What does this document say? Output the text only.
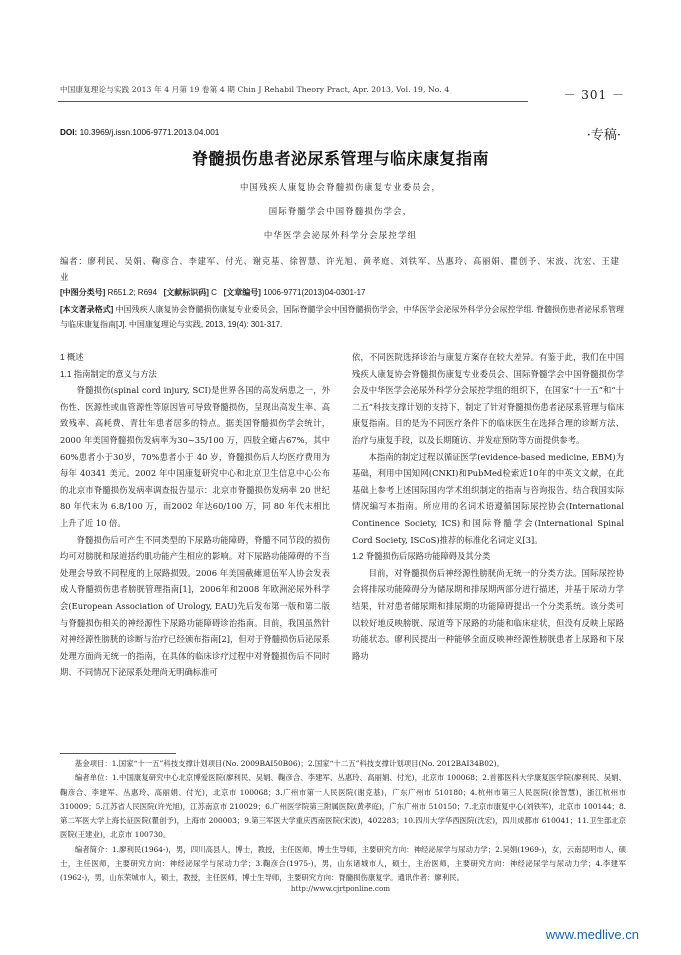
中国康复理论与实践 2013 年 4 月第 19 卷第 4 期 Chin J Rehabil Theory Pract, Apr. 2013, Vol. 19, No. 4	－ 301 －
DOI: 10.3969/j.issn.1006-9771.2013.04.001	·专稿·
脊髓损伤患者泌尿系管理与临床康复指南
中国残疾人康复协会脊髓损伤康复专业委员会，
国际脊髓学会中国脊髓损伤学会，
中华医学会泌尿外科学分会尿控学组
编者：廖利民、吴娟、鞠彦合、李建军、付光、谢克基、徐智慧、许光旭、黄孝庭、刘铁军、丛惠玲、高丽娟、瞿创予、宋波、沈宏、王建业
[中图分类号] R651.2; R694 [文献标识码] C [文章编号] 1006-9771(2013)04-0301-17
[本文著录格式] 中国残疾人康复协会脊髓损伤康复专业委员会，国际脊髓学会中国脊髓损伤学会，中华医学会泌尿外科学分会尿控学组. 脊髓损伤患者泌尿系管理与临床康复指南[J]. 中国康复理论与实践, 2013, 19(4): 301-317.

1 概述

1.1 指南制定的意义与方法

脊髓损伤(spinal cord injury, SCI)是世界各国的高发病患之一，外伤性、医源性或血管源性等原因皆可导致脊髓损伤，呈现出高发生率、高致残率、高耗费、青壮年患者居多的特点。据美国脊髓损伤学会统计，2000 年美国脊髓损伤发病率为30~35/100 万，四肢全瘫占67%，其中60%患者小于30岁，70%患者小于 40 岁，脊髓损伤后人均医疗费用为每年 40341 美元。2002 年中国康复研究中心和北京卫生信息中心公布的北京市脊髓损伤发病率调查报告显示：北京市脊髓损伤发病率 20 世纪80 年代末为 6.8/100 万，而2002 年达60/100 万，同 80 年代末相比上升了近 10 倍。

脊髓损伤后可产生不同类型的下尿路功能障碍，脊髓不同节段的损伤均可对膀胱和尿道括约肌功能产生相应的影响。对下尿路功能障碍的不当处理会导致不同程度的上尿路损毁。2006 年美国截瘫退伍军人协会发表成人脊髓损伤患者膀胱管理指南[1]，2006年和2008 年欧洲泌尿外科学会(European Association of Urology, EAU)先后发布第一版和第二版与脊髓损伤相关的神经源性下尿路功能障碍诊治指南。目前，我国虽然针对神经源性膀胱的诊断与治疗已经颁布指南[2]，但对于脊髓损伤后泌尿系处理方面尚无统一的指南，在具体的临床诊疗过程中对脊髓损伤后不同时期、不同情况下泌尿系处理尚无明确标准可

依，不同医院选择诊治与康复方案存在较大差异。有鉴于此，我们在中国残疾人康复协会脊髓损伤康复专业委员会、国际脊髓学会中国脊髓损伤学会及中华医学会泌尿外科学分会尿控学组的组织下，在国家“十一五”和“十二五”科技支撑计划的支持下，制定了针对脊髓损伤患者泌尿系管理与临床康复指南。目的是为不同医疗条件下的临床医生在选择合理的诊断方法、治疗与康复手段，以及长期随访、并发症预防等方面提供参考。

本指南的制定过程以循证医学(evidence-based medicine, EBM)为基础，利用中国知网(CNKI)和PubMed检索近10年的中英文文献，在此基础上参考上述国际国内学术组织制定的指南与咨询报告，结合我国实际情况编写本指南。所应用的名词术语遵循国际尿控协会(International Continence Society, ICS)和国际脊髓学会(International Spinal Cord Society, ISCoS)推荐的标准化名词定义[3]。

1.2 脊髓损伤后尿路功能障碍及其分类

目前，对脊髓损伤后神经源性膀胱尚无统一的分类方法。国际尿控协会将排尿功能障碍分为储尿期和排尿期两部分进行描述，并基于尿动力学结果，针对患者储尿期和排尿期的功能障碍提出一个分类系统。该分类可以较好地反映膀胱、尿道等下尿路的功能和临床症状，但没有反映上尿路功能状态。廖利民提出一种能够全面反映神经源性膀胱患者上尿路和下尿路功

基金项目：1.国家“十一五”科技支撑计划项目(No. 2009BAI50B06)；2.国家“十二五”科技支撑计划项目(No. 2012BAI34B02)。

编者单位：1.中国康复研究中心北京博爱医院(廖利民、吴娟、鞠彦合、李建军、丛惠玲、高丽娟、付光)，北京市 100068；2.首都医科大学康复医学院(廖利民、吴娟、鞠彦合、李建军、丛惠玲、高丽娟、付光)，北京市 100068；3.广州市第一人民医院(谢克基)，广东广州市 510180；4.杭州市第三人民医院(徐智慧)，浙江杭州市 310009；5.江苏省人民医院(许光旭)，江苏南京市 210029；6.广州医学院第三附属医院(黄孝庭)，广东广州市 510150；7.北京市康复中心(刘铁军)，北京市 100144；8.第二军医大学上海长征医院(瞿创予)，上海市 200003；9.第三军医大学重庆西南医院(宋波)，402283；10.四川大学华西医院(沈宏)，四川成都市 610041；11.卫生部北京医院(王建业)，北京市 100730。

编者简介：1.廖利民(1964-)，男，四川高县人，博士，教授，主任医师，博士生导师，主要研究方向：神经泌尿学与尿动力学；2.吴娟(1969-)，女，云南昆明市人，硕士，主任医师，主要研究方向：神经泌尿学与尿动力学；3.鞠彦合(1975-)，男，山东诸城市人，硕士，主治医师，主要研究方向：神经泌尿学与尿动力学；4.李建军(1962-)，男，山东荣城市人，硕士，教授，主任医师，博士生导师，主要研究方向：脊髓损伤康复学。通讯作者：廖利民。

http://www.cjrtponline.com
www.medlive.cn
